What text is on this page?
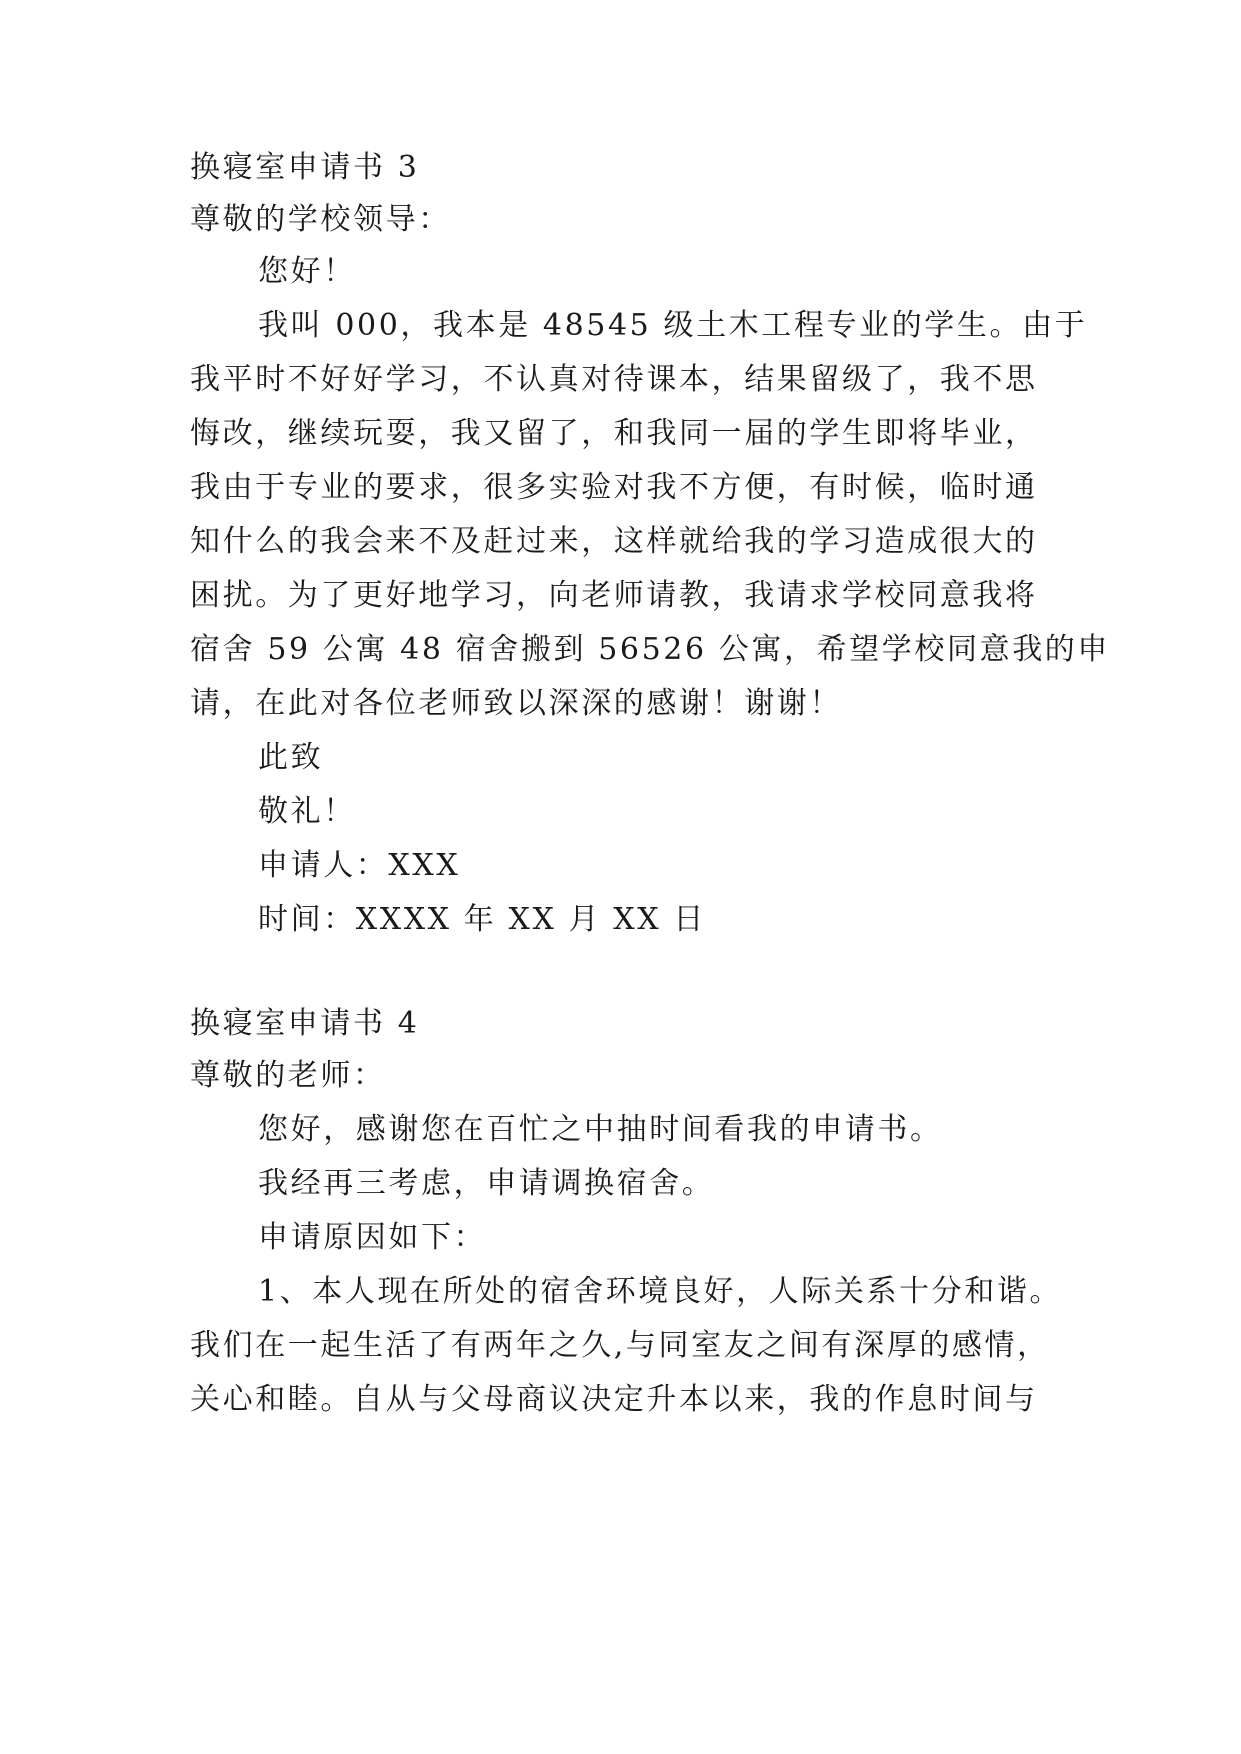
换寝室申请书 3
尊敬的学校领导：
您好！
我叫 000，我本是 48545 级土木工程专业的学生。由于
我平时不好好学习，不认真对待课本，结果留级了，我不思
悔改，继续玩耍，我又留了，和我同一届的学生即将毕业，
我由于专业的要求，很多实验对我不方便，有时候，临时通
知什么的我会来不及赶过来，这样就给我的学习造成很大的
困扰。为了更好地学习，向老师请教，我请求学校同意我将
宿舍 59 公寓 48 宿舍搬到 56526 公寓，希望学校同意我的申
请，在此对各位老师致以深深的感谢！谢谢！
此致
敬礼！
申请人：XXX
时间：XXXX 年 XX 月 XX 日
换寝室申请书 4
尊敬的老师：
您好，感谢您在百忙之中抽时间看我的申请书。
我经再三考虑，申请调换宿舍。
申请原因如下：
1、本人现在所处的宿舍环境良好，人际关系十分和谐。
我们在一起生活了有两年之久,与同室友之间有深厚的感情，
关心和睦。自从与父母商议决定升本以来，我的作息时间与
